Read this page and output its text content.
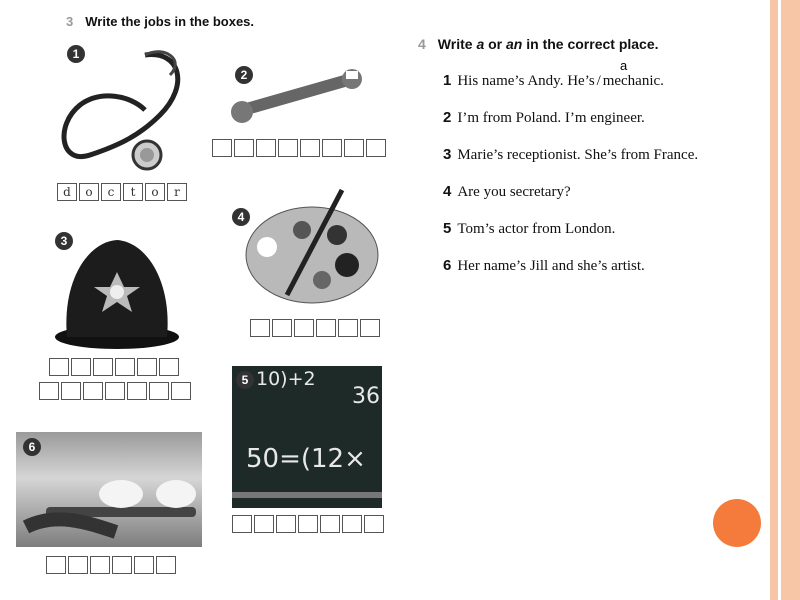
3 Write the jobs in the boxes.
1
d	o	c	t	o	r
2
3
4
10)+2
36
50=(12×
5
6
4 Write a or an in the correct place.
a
1 His name’s Andy. He’s / mechanic.
2 I’m from Poland. I’m engineer.
3 Marie’s receptionist. She’s from France.
4 Are you secretary?
5 Tom’s actor from London.
6 Her name’s Jill and she’s artist.
